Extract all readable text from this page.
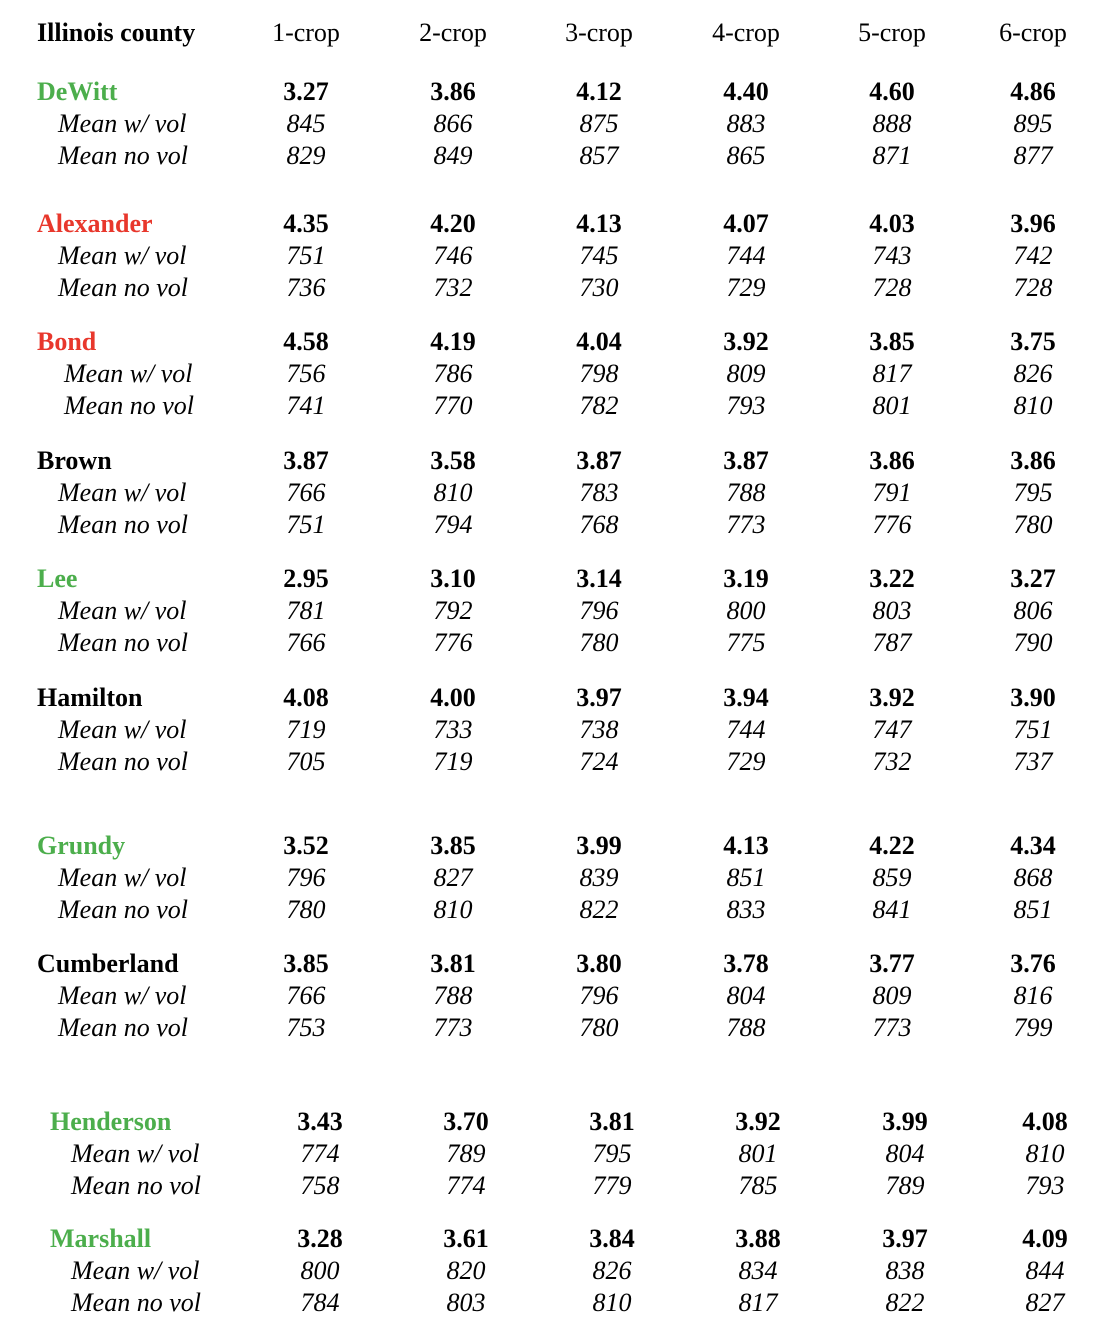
Illinois county	1-crop	2-crop	3-crop	4-crop	5-crop	6-crop
DeWitt	3.27	3.86	4.12	4.40	4.60	4.86
Mean w/ vol	845	866	875	883	888	895
Mean no vol	829	849	857	865	871	877
Alexander	4.35	4.20	4.13	4.07	4.03	3.96
Mean w/ vol	751	746	745	744	743	742
Mean no vol	736	732	730	729	728	728
Bond	4.58	4.19	4.04	3.92	3.85	3.75
Mean w/ vol	756	786	798	809	817	826
Mean no vol	741	770	782	793	801	810
Brown	3.87	3.58	3.87	3.87	3.86	3.86
Mean w/ vol	766	810	783	788	791	795
Mean no vol	751	794	768	773	776	780
Lee	2.95	3.10	3.14	3.19	3.22	3.27
Mean w/ vol	781	792	796	800	803	806
Mean no vol	766	776	780	775	787	790
Hamilton	4.08	4.00	3.97	3.94	3.92	3.90
Mean w/ vol	719	733	738	744	747	751
Mean no vol	705	719	724	729	732	737
Grundy	3.52	3.85	3.99	4.13	4.22	4.34
Mean w/ vol	796	827	839	851	859	868
Mean no vol	780	810	822	833	841	851
Cumberland	3.85	3.81	3.80	3.78	3.77	3.76
Mean w/ vol	766	788	796	804	809	816
Mean no vol	753	773	780	788	773	799
Henderson	3.43	3.70	3.81	3.92	3.99	4.08
Mean w/ vol	774	789	795	801	804	810
Mean no vol	758	774	779	785	789	793
Marshall	3.28	3.61	3.84	3.88	3.97	4.09
Mean w/ vol	800	820	826	834	838	844
Mean no vol	784	803	810	817	822	827
